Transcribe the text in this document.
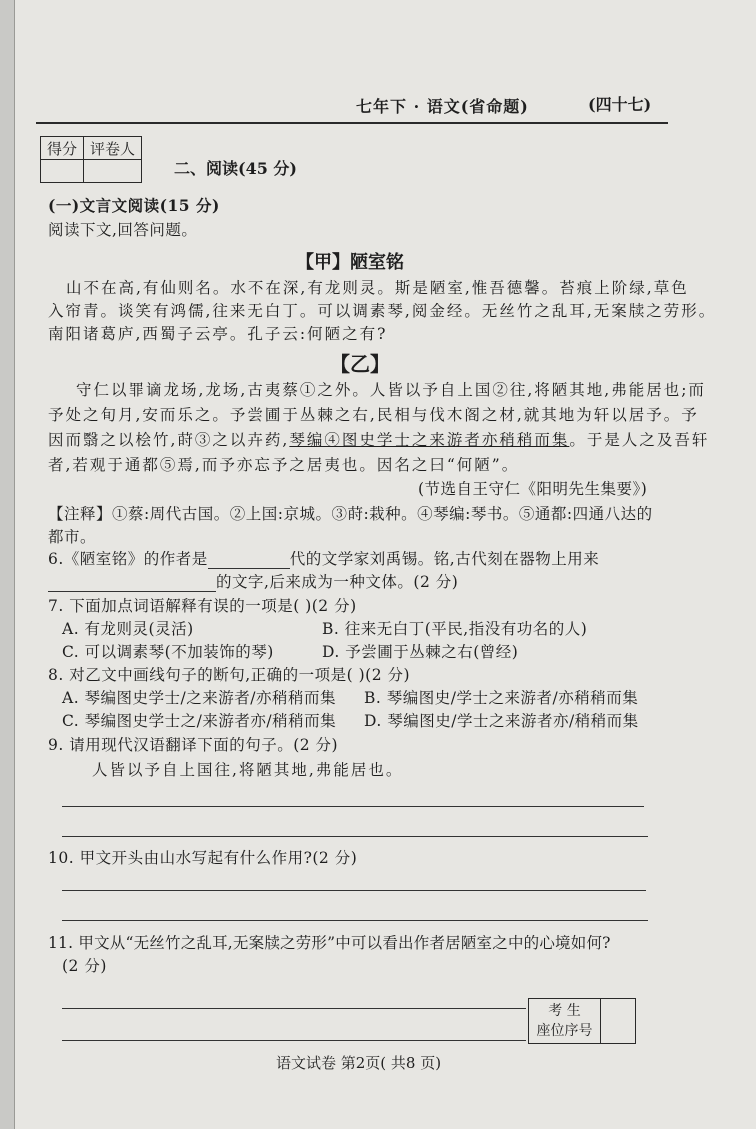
七年下 · 语文(省命题)	(四十七)
得分	评卷人

二、阅读(45 分)
(一)文言文阅读(15 分)
阅读下文,回答问题。
【甲】陋室铭
山不在高,有仙则名。水不在深,有龙则灵。斯是陋室,惟吾德馨。苔痕上阶绿,草色
入帘青。谈笑有鸿儒,往来无白丁。可以调素琴,阅金经。无丝竹之乱耳,无案牍之劳形。
南阳诸葛庐,西蜀子云亭。孔子云:何陋之有?
【乙】
守仁以罪谪龙场,龙场,古夷蔡①之外。人皆以予自上国②往,将陋其地,弗能居也;而
予处之旬月,安而乐之。予尝圃于丛棘之右,民相与伐木阁之材,就其地为轩以居予。予
因而翳之以桧竹,莳③之以卉药,琴编④图史学士之来游者亦稍稍而集。于是人之及吾轩
者,若观于通都⑤焉,而予亦忘予之居夷也。因名之曰“何陋”。
(节选自王守仁《阳明先生集要》)
【注释】①蔡:周代古国。②上国:京城。③莳:栽种。④琴编:琴书。⑤通都:四通八达的
都市。
6.《陋室铭》的作者是	代的文学家刘禹锡。铭,古代刻在器物上用来
的文字,后来成为一种文体。(2 分)
7. 下面加点词语解释有误的一项是( )(2 分)
A. 有龙则灵(灵活)	B. 往来无白丁(平民,指没有功名的人)
C. 可以调素琴(不加装饰的琴)	D. 予尝圃于丛棘之右(曾经)
8. 对乙文中画线句子的断句,正确的一项是( )(2 分)
A. 琴编图史学士/之来游者/亦稍稍而集 B. 琴编图史/学士之来游者/亦稍稍而集
C. 琴编图史学士之/来游者亦/稍稍而集 D. 琴编图史/学士之来游者亦/稍稍而集
9. 请用现代汉语翻译下面的句子。(2 分)
人皆以予自上国往,将陋其地,弗能居也。
10. 甲文开头由山水写起有什么作用?(2 分)
11. 甲文从“无丝竹之乱耳,无案牍之劳形”中可以看出作者居陋室之中的心境如何?
(2 分)
考 生
座位序号
语文试卷 第2页( 共8 页)
